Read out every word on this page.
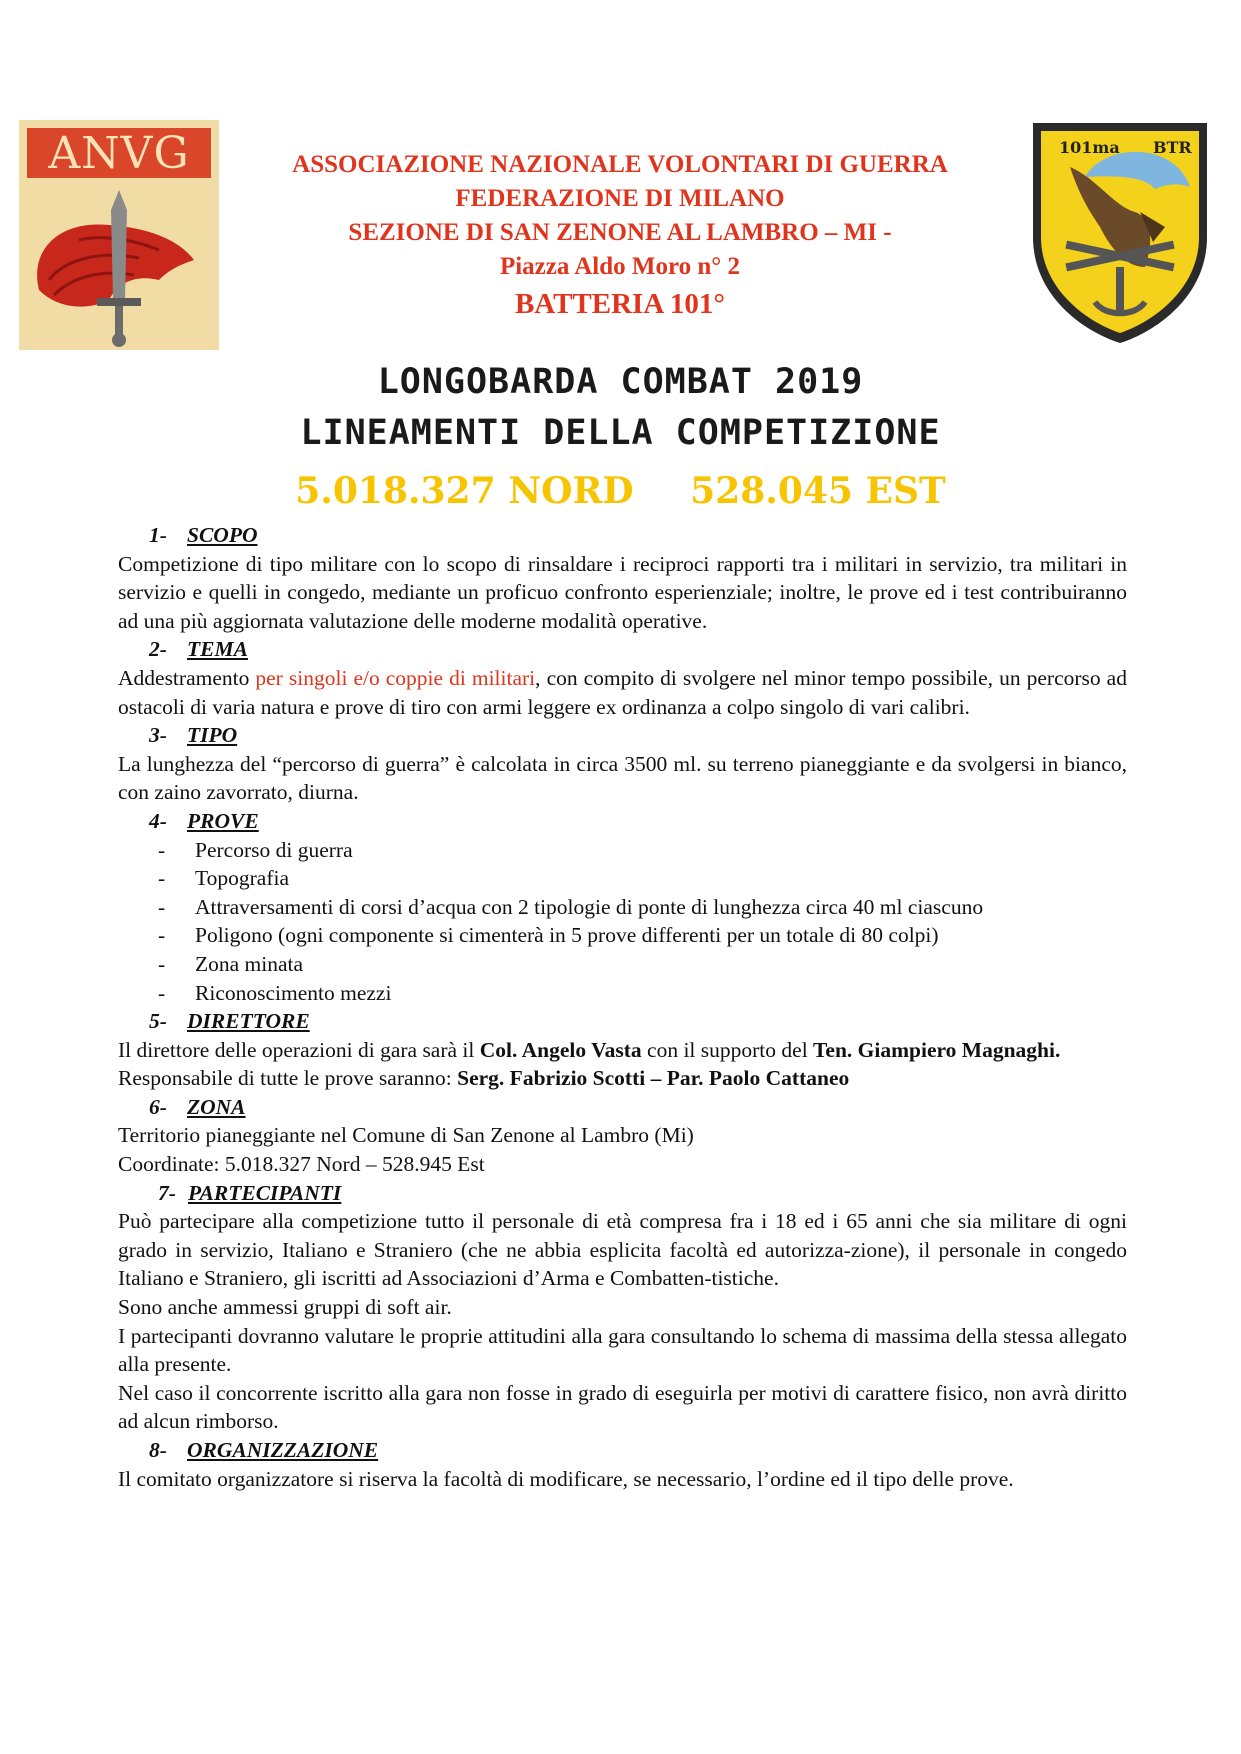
ANVG	ASSOCIAZIONE NAZIONALE VOLONTARI DI GUERRA
FEDERAZIONE DI MILANO
SEZIONE DI SAN ZENONE AL LAMBRO – MI -
Piazza Aldo Moro n° 2
BATTERIA 101°
101ma BTR
LONGOBARDA COMBAT 2019
LINEAMENTI DELLA COMPETIZIONE
5.018.327 NORD 528.045 EST
1- SCOPO
Competizione di tipo militare con lo scopo di rinsaldare i reciproci rapporti tra i militari in servizio, tra militari in servizio e quelli in congedo, mediante un proficuo confronto esperienziale; inoltre, le prove ed i test contribuiranno ad una più aggiornata valutazione delle moderne modalità operative.
2- TEMA
Addestramento per singoli e/o coppie di militari, con compito di svolgere nel minor tempo possibile, un percorso ad ostacoli di varia natura e prove di tiro con armi leggere ex ordinanza a colpo singolo di vari calibri.
3- TIPO
La lunghezza del “percorso di guerra” è calcolata in circa 3500 ml. su terreno pianeggiante e da svolgersi in bianco, con zaino zavorrato, diurna.
4- PROVE
- Percorso di guerra
- Topografia
- Attraversamenti di corsi d’acqua con 2 tipologie di ponte di lunghezza circa 40 ml ciascuno
- Poligono (ogni componente si cimenterà in 5 prove differenti per un totale di 80 colpi)
- Zona minata
- Riconoscimento mezzi
5- DIRETTORE
Il direttore delle operazioni di gara sarà il Col. Angelo Vasta con il supporto del Ten. Giampiero Magnaghi.
Responsabile di tutte le prove saranno: Serg. Fabrizio Scotti – Par. Paolo Cattaneo
6- ZONA
Territorio pianeggiante nel Comune di San Zenone al Lambro (Mi)
Coordinate: 5.018.327 Nord – 528.945 Est
7- PARTECIPANTI
Può partecipare alla competizione tutto il personale di età compresa fra i 18 ed i 65 anni che sia militare di ogni grado in servizio, Italiano e Straniero (che ne abbia esplicita facoltà ed autorizza-zione), il personale in congedo Italiano e Straniero, gli iscritti ad Associazioni d’Arma e Combatten-tistiche.
Sono anche ammessi gruppi di soft air.
I partecipanti dovranno valutare le proprie attitudini alla gara consultando lo schema di massima della stessa allegato alla presente.
Nel caso il concorrente iscritto alla gara non fosse in grado di eseguirla per motivi di carattere fisico, non avrà diritto ad alcun rimborso.
8- ORGANIZZAZIONE
Il comitato organizzatore si riserva la facoltà di modificare, se necessario, l’ordine ed il tipo delle prove.
